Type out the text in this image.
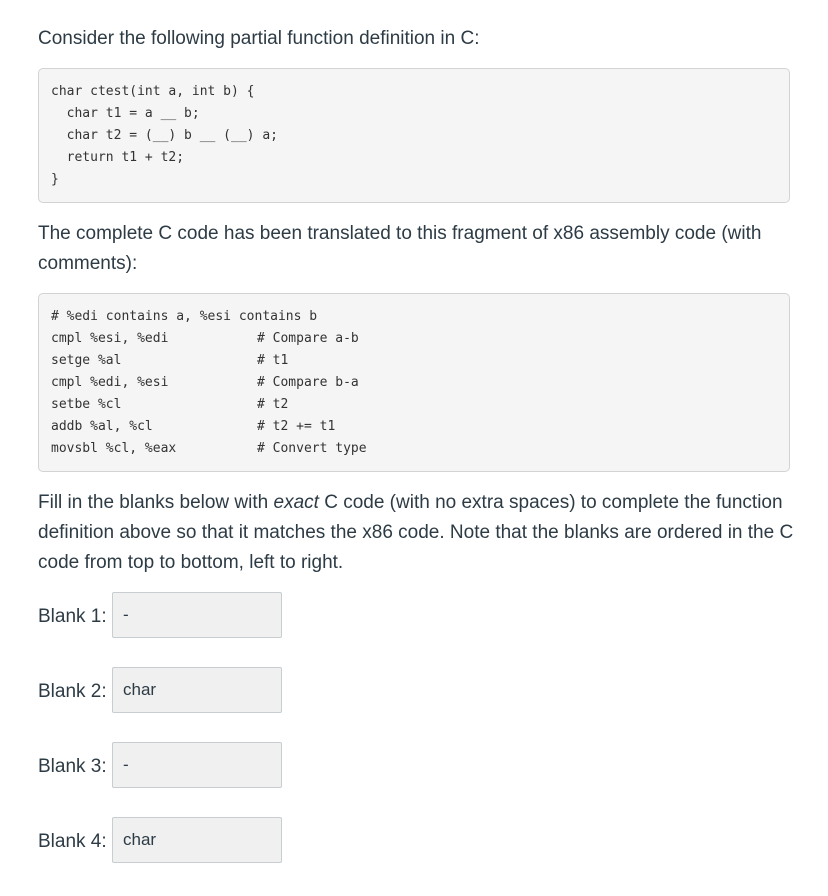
Consider the following partial function definition in C:
char ctest(int a, int b) {
char t1 = a __ b;
char t2 = (__) b __ (__) a;
return t1 + t2;
}
The complete C code has been translated to this fragment of x86 assembly code (with comments):
# %edi contains a, %esi contains b
cmpl %esi, %edi	# Compare a-b
setge %al	# t1
cmpl %edi, %esi	# Compare b-a
setbe %cl	# t2
addb %al, %cl	# t2 += t1
movsbl %cl, %eax	# Convert type
Fill in the blanks below with exact C code (with no extra spaces) to complete the function definition above so that it matches the x86 code. Note that the blanks are ordered in the C code from top to bottom, left to right.
Blank 1: -
Blank 2: char
Blank 3: -
Blank 4: char
